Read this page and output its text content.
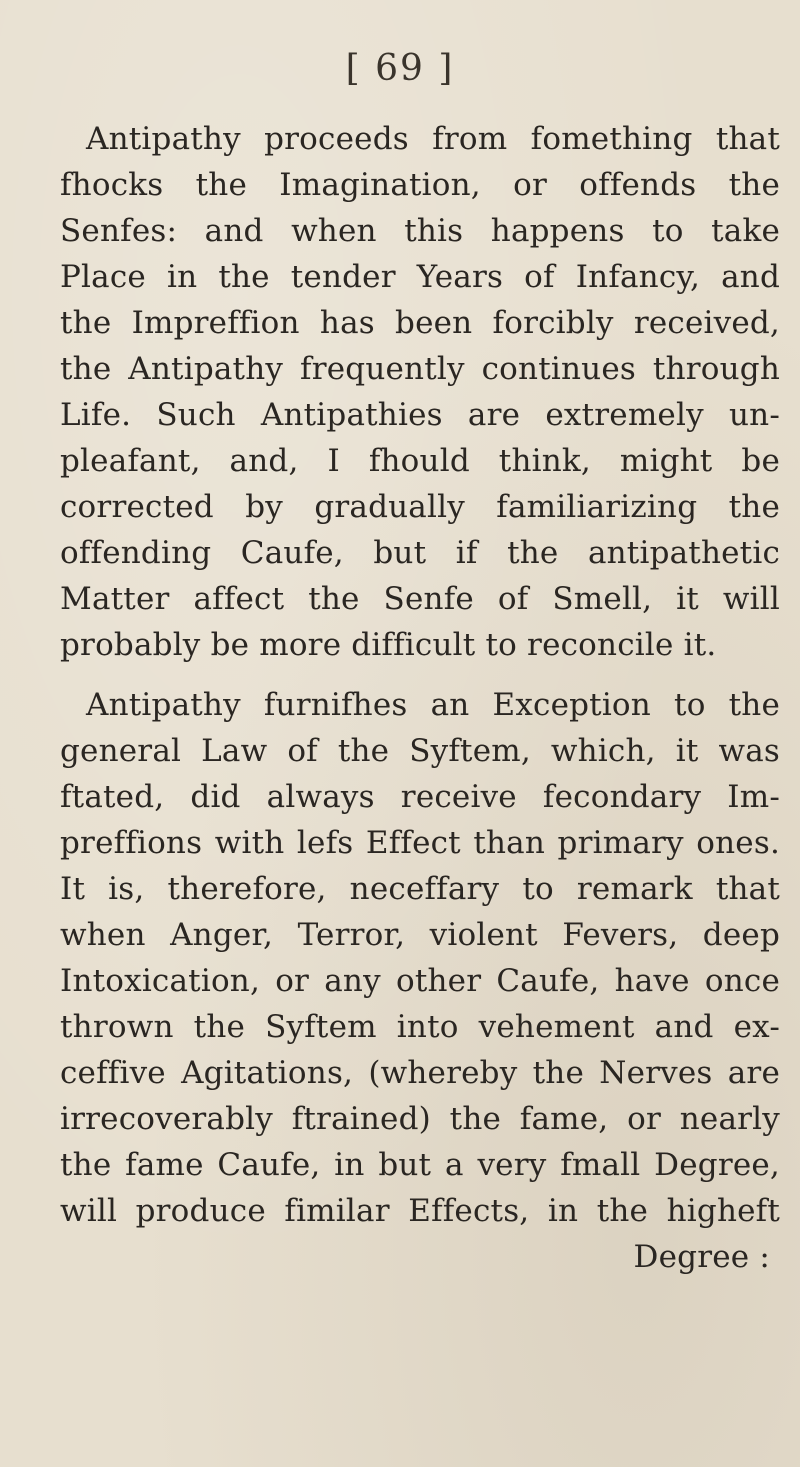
[ 69 ]
Antipathy proceeds from fomething that
fhocks the Imagination, or offends the
Senfes: and when this happens to take
Place in the tender Years of Infancy, and
the Impreffion has been forcibly received,
the Antipathy frequently continues through
Life. Such Antipathies are extremely un-
pleafant, and, I fhould think, might be
corrected by gradually familiarizing the
offending Caufe, but if the antipathetic
Matter affect the Senfe of Smell, it will
probably be more difficult to reconcile it.
Antipathy furnifhes an Exception to the
general Law of the Syftem, which, it was
ftated, did always receive fecondary Im-
preffions with lefs Effect than primary ones.
It is, therefore, neceffary to remark that
when Anger, Terror, violent Fevers, deep
Intoxication, or any other Caufe, have once
thrown the Syftem into vehement and ex-
ceffive Agitations, (whereby the Nerves are
irrecoverably ftrained) the fame, or nearly
the fame Caufe, in but a very fmall Degree,
will produce fimilar Effects, in the higheft
Degree :
